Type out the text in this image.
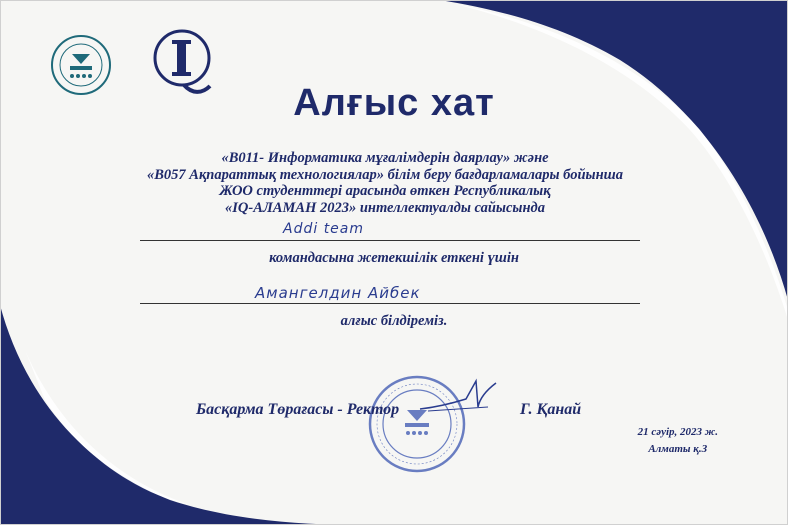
Алғыс хат
«В011- Информатика мұғалімдерін даярлау» және
«В057 Ақпараттық технологиялар» білім беру бағдарламалары бойынша
ЖОО студенттері арасында өткен Республикалық
«IQ-АЛАМАН 2023» интеллектуалды сайысында
Addi team
командасына жетекшілік еткені үшін
Амангелдин Айбек
алғыс білдіреміз.
Басқарма Төрағасы - Ректор	Г. Қанай
21 сәуір, 2023 ж.
Алматы қ.З
